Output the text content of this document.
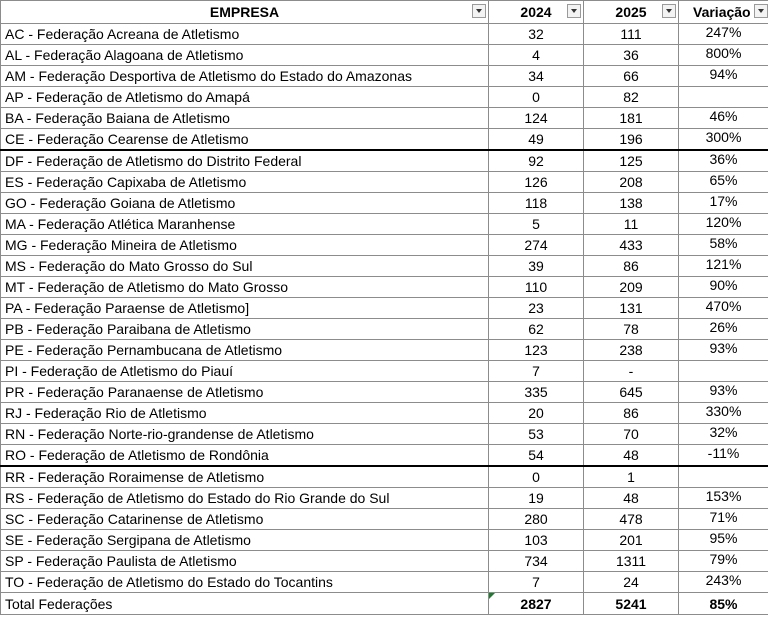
EMPRESA	2024	2025	Variação

AC - Federação Acreana de Atletismo	32	111	247%
AL - Federação Alagoana de Atletismo	4	36	800%
AM - Federação Desportiva de Atletismo do Estado do Amazonas	34	66	94%
AP - Federação de Atletismo do Amapá	0	82	
BA - Federação Baiana de Atletismo	124	181	46%
CE - Federação Cearense de Atletismo	49	196	300%
DF - Federação de Atletismo do Distrito Federal	92	125	36%
ES - Federação Capixaba de Atletismo	126	208	65%
GO - Federação Goiana de Atletismo	118	138	17%
MA - Federação Atlética Maranhense	5	11	120%
MG - Federação Mineira de Atletismo	274	433	58%
MS - Federação do Mato Grosso do Sul	39	86	121%
MT - Federação de Atletismo do Mato Grosso	110	209	90%
PA - Federação Paraense de Atletismo]	23	131	470%
PB - Federação Paraibana de Atletismo	62	78	26%
PE - Federação Pernambucana de Atletismo	123	238	93%
PI - Federação de Atletismo do Piauí	7	-	
PR - Federação Paranaense de Atletismo	335	645	93%
RJ - Federação Rio de Atletismo	20	86	330%
RN - Federação Norte-rio-grandense de Atletismo	53	70	32%
RO - Federação de Atletismo de Rondônia	54	48	-11%
RR - Federação Roraimense de Atletismo	0	1	
RS - Federação de Atletismo do Estado do Rio Grande do Sul	19	48	153%
SC - Federação Catarinense de Atletismo	280	478	71%
SE - Federação Sergipana de Atletismo	103	201	95%
SP - Federação Paulista de Atletismo	734	1311	79%
TO - Federação de Atletismo do Estado do Tocantins	7	24	243%
Total Federações	2827	5241	85%
